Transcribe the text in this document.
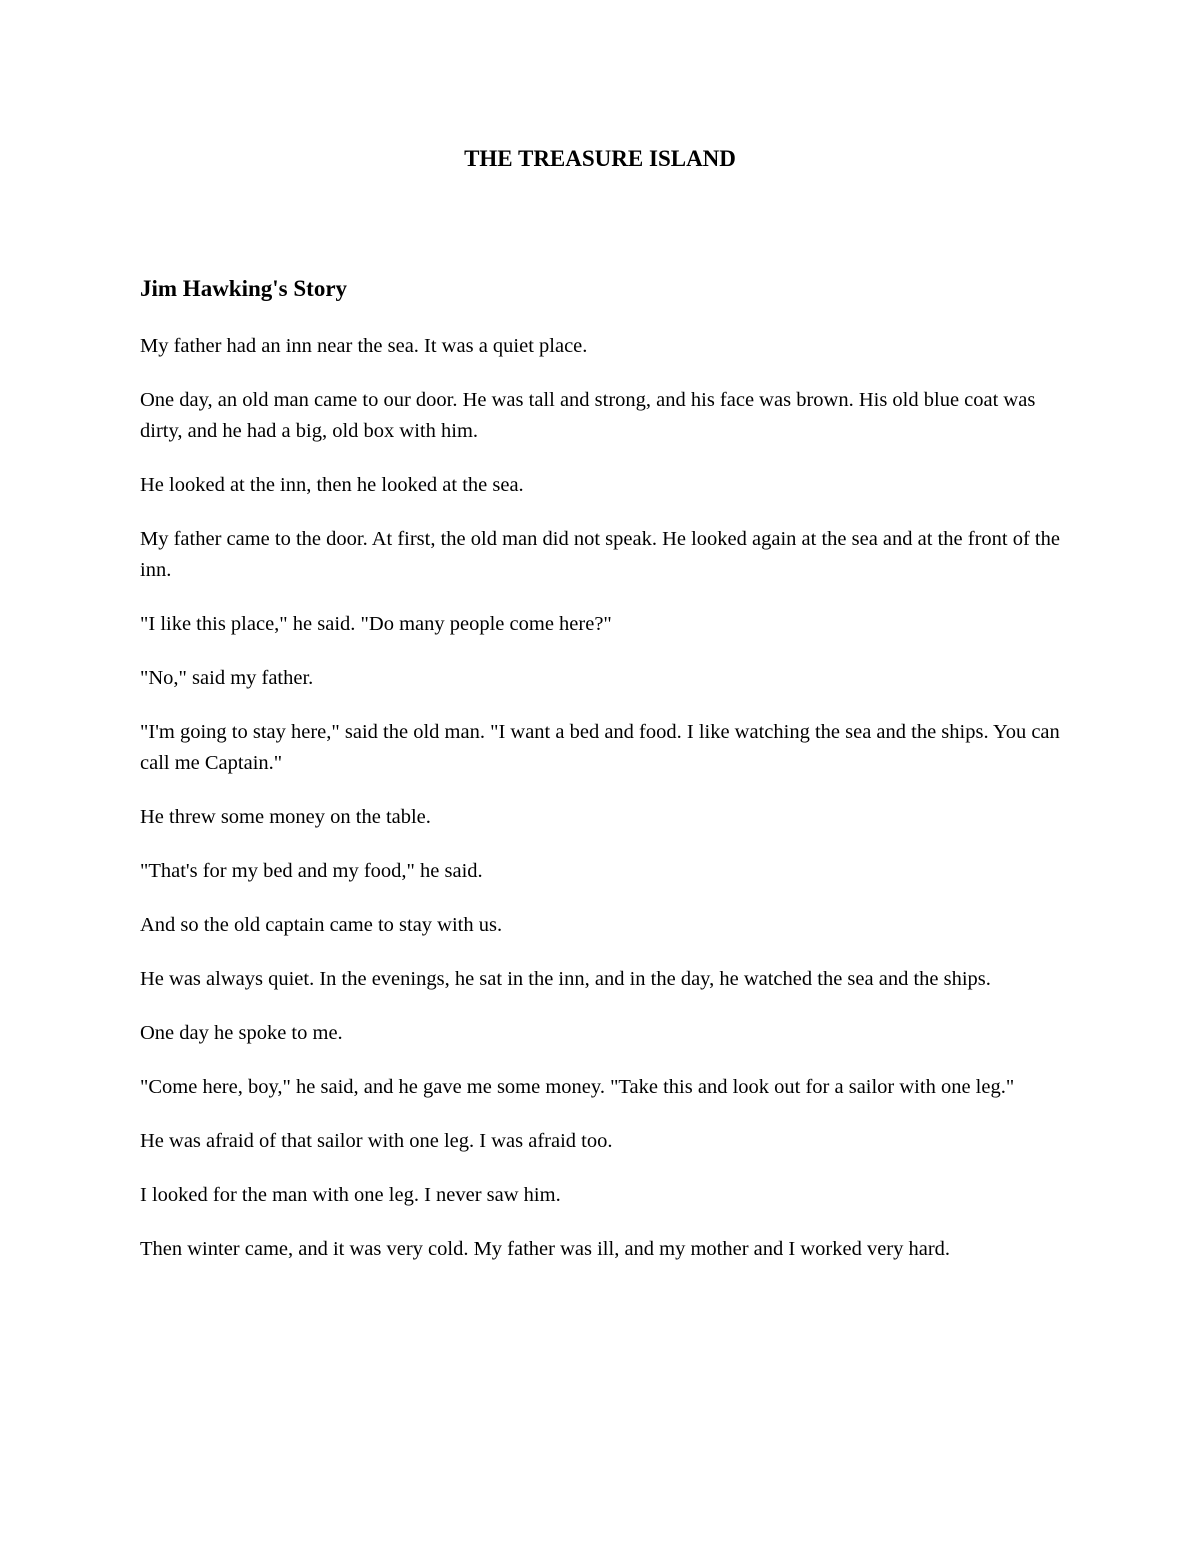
THE TREASURE ISLAND
Jim Hawking's Story

My father had an inn near the sea. It was a quiet place.

One day, an old man came to our door. He was tall and strong, and his face was brown. His old blue coat was dirty, and he had a big, old box with him.

He looked at the inn, then he looked at the sea.

My father came to the door. At first, the old man did not speak. He looked again at the sea and at the front of the inn.

"I like this place," he said. "Do many people come here?"

"No," said my father.

"I'm going to stay here," said the old man. "I want a bed and food. I like watching the sea and the ships. You can call me Captain."

He threw some money on the table.

"That's for my bed and my food," he said.

And so the old captain came to stay with us.

He was always quiet. In the evenings, he sat in the inn, and in the day, he watched the sea and the ships.

One day he spoke to me.

"Come here, boy," he said, and he gave me some money. "Take this and look out for a sailor with one leg."

He was afraid of that sailor with one leg. I was afraid too.

I looked for the man with one leg. I never saw him.

Then winter came, and it was very cold. My father was ill, and my mother and I worked very hard.
